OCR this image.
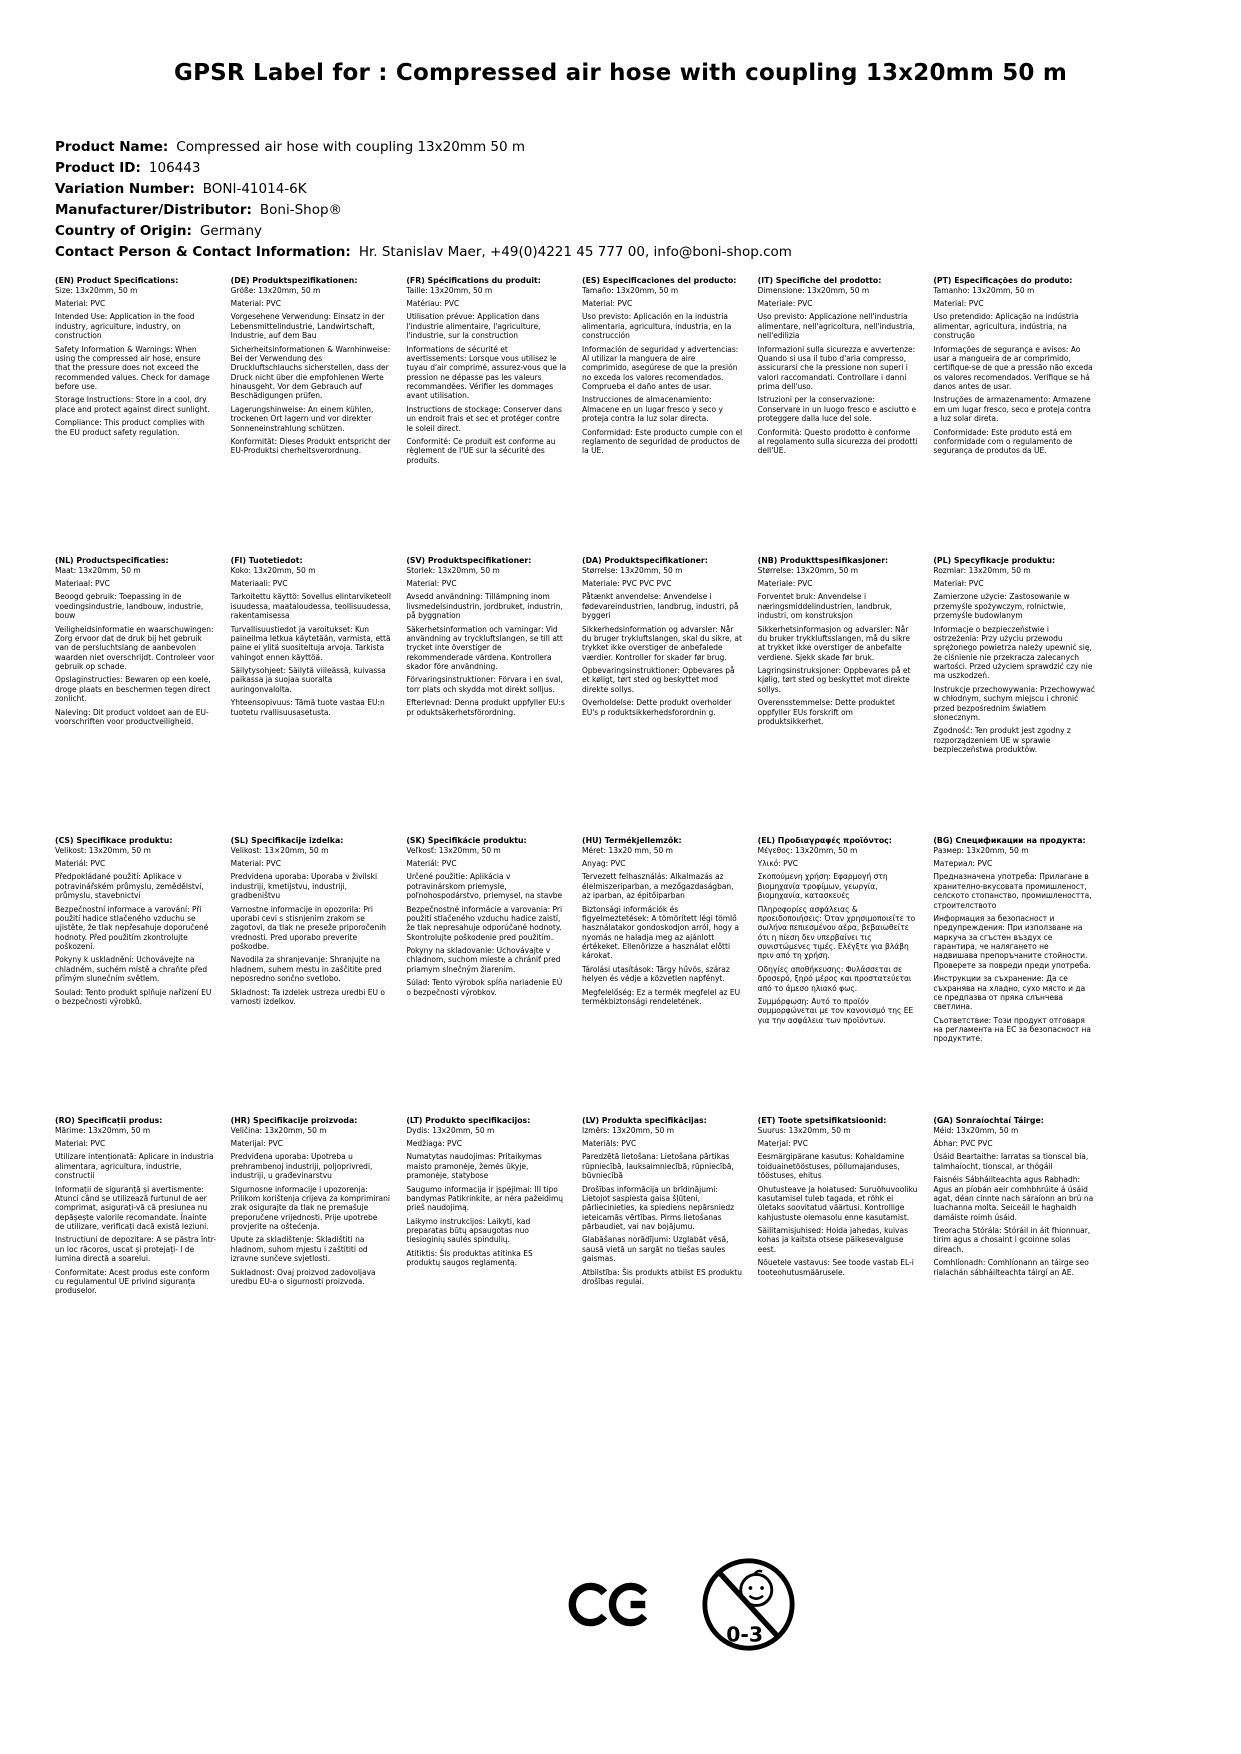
GPSR Label for : Compressed air hose with coupling 13x20mm 50 m
Product Name: Compressed air hose with coupling 13x20mm 50 m
Product ID: 106443
Variation Number: BONI-41014-6K
Manufacturer/Distributor: Boni-Shop®
Country of Origin: Germany
Contact Person & Contact Information: Hr. Stanislav Maer, +49(0)4221 45 777 00, info@boni-shop.com
(EN) Product Specifications:

Size: 13x20mm, 50 m

Material: PVC

Intended Use: Application in the food industry, agriculture, industry, on construction

Safety Information & Warnings: When using the compressed air hose, ensure that the pressure does not exceed the recommended values. Check for damage before use.

Storage Instructions: Store in a cool, dry place and protect against direct sunlight.

Compliance: This product complies with the EU product safety regulation.

(DE) Produktspezifikationen:

Größe: 13x20mm, 50 m

Material: PVC

Vorgesehene Verwendung: Einsatz in der Lebensmittelindustrie, Landwirtschaft, Industrie, auf dem Bau

Sicherheitsinformationen & Warnhinweise: Bei der Verwendung des Druckluftschlauchs sicherstellen, dass der Druck nicht über die empfohlenen Werte hinausgeht. Vor dem Gebrauch auf Beschädigungen prüfen.

Lagerungshinweise: An einem kühlen, trockenen Ort lagern und vor direkter Sonneneinstrahlung schützen.

Konformität: Dieses Produkt entspricht der EU-Produktsi cherheitsverordnung.

(FR) Spécifications du produit:

Taille: 13x20mm, 50 m

Matériau: PVC

Utilisation prévue: Application dans l'industrie alimentaire, l'agriculture, l'industrie, sur la construction

Informations de sécurité et avertissements: Lorsque vous utilisez le tuyau d'air comprimé, assurez-vous que la pression ne dépasse pas les valeurs recommandées. Vérifier les dommages avant utilisation.

Instructions de stockage: Conserver dans un endroit frais et sec et protéger contre le soleil direct.

Conformité: Ce produit est conforme au règlement de l'UE sur la sécurité des produits.

(ES) Especificaciones del producto:

Tamaño: 13x20mm, 50 m

Material: PVC

Uso previsto: Aplicación en la industria alimentaria, agricultura, industria, en la construcción

Información de seguridad y advertencias: Al utilizar la manguera de aire comprimido, asegúrese de que la presión no exceda los valores recomendados. Comprueba el daño antes de usar.

Instrucciones de almacenamiento: Almacene en un lugar fresco y seco y proteja contra la luz solar directa.

Conformidad: Este producto cumple con el reglamento de seguridad de productos de la UE.

(IT) Specifiche del prodotto:

Dimensione: 13x20mm, 50 m

Materiale: PVC

Uso previsto: Applicazione nell'industria alimentare, nell'agricoltura, nell'industria, nell'edilizia

Informazioni sulla sicurezza e avvertenze: Quando si usa il tubo d'aria compresso, assicurarsi che la pressione non superi i valori raccomandati. Controllare i danni prima dell'uso.

Istruzioni per la conservazione: Conservare in un luogo fresco e asciutto e proteggere dalla luce del sole.

Conformità: Questo prodotto è conforme al regolamento sulla sicurezza dei prodotti dell'UE.

(PT) Especificações do produto:

Tamanho: 13x20mm, 50 m

Material: PVC

Uso pretendido: Aplicação na indústria alimentar, agricultura, indústria, na construção

Informações de segurança e avisos: Ao usar a mangueira de ar comprimido, certifique-se de que a pressão não exceda os valores recomendados. Verifique se há danos antes de usar.

Instruções de armazenamento: Armazene em um lugar fresco, seco e proteja contra a luz solar direta.

Conformidade: Este produto está em conformidade com o regulamento de segurança de produtos da UE.

(NL) Productspecificaties:

Maat: 13x20mm, 50 m

Materiaal: PVC

Beoogd gebruik: Toepassing in de voedingsindustrie, landbouw, industrie, bouw

Veiligheidsinformatie en waarschuwingen: Zorg ervoor dat de druk bij het gebruik van de persluchtslang de aanbevolen waarden niet overschrijdt. Controleer voor gebruik op schade.

Opslaginstructies: Bewaren op een koele, droge plaats en beschermen tegen direct zonlicht.

Naleving: Dit product voldoet aan de EU-voorschriften voor productveiligheid.

(FI) Tuotetiedot:

Koko: 13x20mm, 50 m

Materiaali: PVC

Tarkoitettu käyttö: Sovellus elintarviketeoll isuudessa, maataloudessa, teollisuudessa, rakentamisessa

Turvallisuustiedot ja varoitukset: Kun paineilma letkua käytetään, varmista, että paine ei ylitä suositeltuja arvoja. Tarkista vahingot ennen käyttöä.

Säilytysohjeet: Säilytä viileässä, kuivassa paikassa ja suojaa suoralta auringonvalolta.

Yhteensopivuus: Tämä tuote vastaa EU:n tuotetu rvallisuusasetusta.

(SV) Produktspecifikationer:

Storlek: 13x20mm, 50 m

Material: PVC

Avsedd användning: Tillämpning inom livsmedelsindustrin, jordbruket, industrin, på byggnation

Säkerhetsinformation och varningar: Vid användning av tryckluftslangen, se till att trycket inte överstiger de rekommenderade värdena. Kontrollera skador före användning.

Förvaringsinstruktioner: Förvara i en sval, torr plats och skydda mot direkt solljus.

Efterlevnad: Denna produkt uppfyller EU:s pr oduktsäkerhetsförordning.

(DA) Produktspecifikationer:

Størrelse: 13x20mm, 50 m

Materiale: PVC PVC PVC

Påtænkt anvendelse: Anvendelse i fødevareindustrien, landbrug, industri, på byggeri

Sikkerhedsinformation og advarsler: Når du bruger trykluftslangen, skal du sikre, at trykket ikke overstiger de anbefalede værdier. Kontroller for skader før brug.

Opbevaringsinstruktioner: Opbevares på et køligt, tørt sted og beskyttet mod direkte sollys.

Overholdelse: Dette produkt overholder EU's p roduktsikkerhedsforordnin g.

(NB) Produkttspesifikasjoner:

Størrelse: 13x20mm, 50 m

Materiale: PVC

Forventet bruk: Anvendelse i næringsmiddelindustrien, landbruk, industri, om konstruksjon

Sikkerhetsinformasjon og advarsler: Når du bruker trykkluftsslangen, må du sikre at trykket ikke overstiger de anbefalte verdiene. Sjekk skade før bruk.

Lagringsinstruksjoner: Oppbevares på et kjølig, tørt sted og beskyttet mot direkte sollys.

Overensstemmelse: Dette produktet oppfyller EUs forskrift om produktsikkerhet.

(PL) Specyfikacje produktu:

Rozmiar: 13x20mm, 50 m

Materiał: PVC

Zamierzone użycie: Zastosowanie w przemyśle spożywczym, rolnictwie, przemyśle budowlanym

Informacje o bezpieczeństwie i ostrzeżenia: Przy użyciu przewodu sprężonego powietrza należy upewnić się, że ciśnienie nie przekracza zalecanych wartości. Przed użyciem sprawdzić czy nie ma uszkodzeń.

Instrukcje przechowywania: Przechowywać w chłodnym, suchym miejscu i chronić przed bezpośrednim światłem słonecznym.

Zgodność: Ten produkt jest zgodny z rozporządzeniem UE w sprawie bezpieczeństwa produktów.

(CS) Specifikace produktu:

Velikost: 13x20mm, 50 m

Materiál: PVC

Předpokládané použití: Aplikace v potravinářském průmyslu, zemědělství, průmyslu, stavebnictví

Bezpečnostní informace a varování: Při použití hadice stlačeného vzduchu se ujistěte, že tlak nepřesahuje doporučené hodnoty. Před použitím zkontrolujte poškození.

Pokyny k uskladnění: Uchovávejte na chladném, suchém místě a chraňte před přímým slunečním světlem.

Soulad: Tento produkt splňuje nařízení EU o bezpečnosti výrobků.

(SL) Specifikacije izdelka:

Velikost: 13×20mm, 50 m

Material: PVC

Predvidena uporaba: Uporaba v živilski industriji, kmetijstvu, industriji, gradbeništvu

Varnostne informacije in opozorila: Pri uporabi cevi s stisnjenim zrakom se zagotovi, da tlak ne preseže priporočenih vrednosti. Pred uporabo preverite poškodbe.

Navodila za shranjevanje: Shranjujte na hladnem, suhem mestu in zaščitite pred neposredno sončno svetlobo.

Skladnost: Ta izdelek ustreza uredbi EU o varnosti izdelkov.

(SK) Špecifikácie produktu:

Veľkosť: 13x20mm, 50 m

Materiál: PVC

Určené použitie: Aplikácia v potravinárskom priemysle, poľnohospodárstvo, priemysel, na stavbe

Bezpečnostné informácie a varovania: Pri použití stlačeného vzduchu hadice zaistí, že tlak nepresahuje odporúčané hodnoty. Skontrolujte poškodenie pred použitím.

Pokyny na skladovanie: Uchovávajte v chladnom, suchom mieste a chrániť pred priamym slnečným žiarením.

Súlad: Tento výrobok spĺňa nariadenie EÚ o bezpečnosti výrobkov.

(HU) Termékjellemzők:

Méret: 13x20 mm, 50 m

Anyag: PVC

Tervezett felhasználás: Alkalmazás az élelmiszeriparban, a mezőgazdaságban, az iparban, az épitőiparban

Biztonsági információk és figyelmeztetések: A tömörített légi tömlő használatakor gondoskodjon arról, hogy a nyomás ne haladja meg az ajánlott értékeket. Ellenőrizze a használat előtti károkat.

Tárolási utasítások: Tárgy hűvös, száraz helyen és védje a közvetlen napfényt.

Megfelelőség: Ez a termék megfelel az EU termékbiztonsági rendeletének.

(EL) Προδιαγραφές προϊόντος:

Μέγεθος: 13x20mm, 50 m

Υλικό: PVC

Σκοπούμενη χρήση: Εφαρμογή στη βιομηχανία τροφίμων, γεωργία, βιομηχανία, κατασκευές

Πληροφορίες ασφάλειας & προειδοποιήσεις: Όταν χρησιμοποιείτε το σωλήνα πεπιεσμένου αέρα, βεβαιωθείτε ότι η πίεση δεν υπερβαίνει τις συνιστώμενες τιμές. Ελέγξτε για βλάβη πριν από τη χρήση.

Οδηγίες αποθήκευσης: Φυλάσσεται σε δροσερό, ξηρό μέρος και προστατεύεται από το άμεσο ηλιακό φως.

Συμμόρφωση: Αυτό το προϊόν συμμορφώνεται με τον κανονισμό της ΕΕ για την ασφάλεια των προϊόντων.

(BG) Спецификации на продукта:

Размер: 13x20mm, 50 m

Материал: PVC

Предназначена употреба: Прилагане в хранително-вкусовата промишленост, селското стопанство, промишлеността, строителството

Информация за безопасност и предупреждения: При използване на маркуча за сгъстен въздух се гарантира, че налягането не надвишава препоръчаните стойности. Проверете за повреди преди употреба.

Инструкции за съхранение: Да се съхранява на хладно, сухо място и да се предпазва от пряка слънчева светлина.

Съответствие: Този продукт отговаря на регламента на ЕС за безопасност на продуктите.

(RO) Specificații produs:

Mărime: 13x20mm, 50 m

Material: PVC

Utilizare intenționată: Aplicare in industria alimentara, agricultura, industrie, constructii

Informații de siguranță și avertismente: Atunci când se utilizează furtunul de aer comprimat, asigurați-vă că presiunea nu depășește valorile recomandate. Înainte de utilizare, verificați dacă există leziuni.

Instructiuni de depozitare: A se păstra într- un loc răcoros, uscat și protejați- l de lumina directă a soarelui.

Conformitate: Acest produs este conform cu regulamentul UE privind siguranța produselor.

(HR) Specifikacije proizvoda:

Veličina: 13x20mm, 50 m

Materijal: PVC

Predviđena uporaba: Upotreba u prehrambenoj industriji, poljoprivredi, industriji, u građevinarstvu

Sigurnosne informacije i upozorenja: Prilikom korištenja crijeva za komprimirani zrak osigurajte da tlak ne premašuje preporučene vrijednosti. Prije upotrebe provjerite na oštećenja.

Upute za skladištenje: Skladištiti na hladnom, suhom mjestu i zaštititi od izravne sunčeve svjetlosti.

Sukladnost: Ovaj proizvod zadovoljava uredbu EU-a o sigurnosti proizvoda.

(LT) Produkto specifikacijos:

Dydis: 13x20mm, 50 m

Medžiaga: PVC

Numatytas naudojimas: Pritaikymas maisto pramonėje, žemės ūkyje, pramonėje, statybose

Saugumo informacija ir įspėjimai: III tipo bandymas Patikrinkite, ar nėra pažeidimų prieš naudojimą.

Laikymo instrukcijos: Laikyti, kad preparatas būtų apsaugotas nuo tiesioginių saulės spindulių.

Atitiktis: Šis produktas atitinka ES produktų saugos reglamentą.

(LV) Produkta specifikācijas:

Izmērs: 13x20mm, 50 m

Materiāls: PVC

Paredzētā lietošana: Lietošana pārtikas rūpniecībā, lauksaimniecībā, rūpniecībā, būvniecībā

Drošības informācija un brīdinājumi: Lietojot saspiesta gaisa šļūteni, pārliecinieties, ka spiediens nepārsniedz ieteicamās vērtības. Pirms lietošanas pārbaudiet, vai nav bojājumu.

Glabāšanas norādījumi: Uzglabāt vēsā, sausā vietā un sargāt no tiešas saules gaismas.

Atbilstība: Šis produkts atbilst ES produktu drošības regulai.

(ET) Toote spetsifikatsioonid:

Suurus: 13x20mm, 50 m

Materjal: PVC

Eesmärgipärane kasutus: Kohaldamine toiduainetööstuses, põllumajanduses, tööstuses, ehitus

Ohutusteave ja hoiatused: Suruõhuvooliku kasutamisel tuleb tagada, et rõhk ei ületaks soovitatud väärtusi. Kontrollige kahjustuste olemasolu enne kasutamist.

Säilitamisjuhised: Hoida jahedas, kuivas kohas ja kaitsta otsese päikesevalguse eest.

Nõuetele vastavus: See toode vastab EL-i tooteohutusmäärusele.

(GA) Sonraíochtaí Táirge:

Méid: 13x20mm, 50 m

Ábhar: PVC PVC

Úsáid Beartaithe: Iarratas sa tionscal bia, talmhaíocht, tionscal, ar thógáil

Faisnéis Sábháilteachta agus Rabhadh: Agus an píobán aeir comhbhrúite á úsáid agat, déan cinnte nach sáraíonn an brú na luachanna molta. Seiceáil le haghaidh damáiste roimh úsáid.

Treoracha Stórála: Stóráil in áit fhionnuar, tirim agus a chosaint i gcoinne solas díreach.

Comhlíonadh: Comhlíonann an táirge seo rialachán sábháilteachta táirgí an AE.

0-3
